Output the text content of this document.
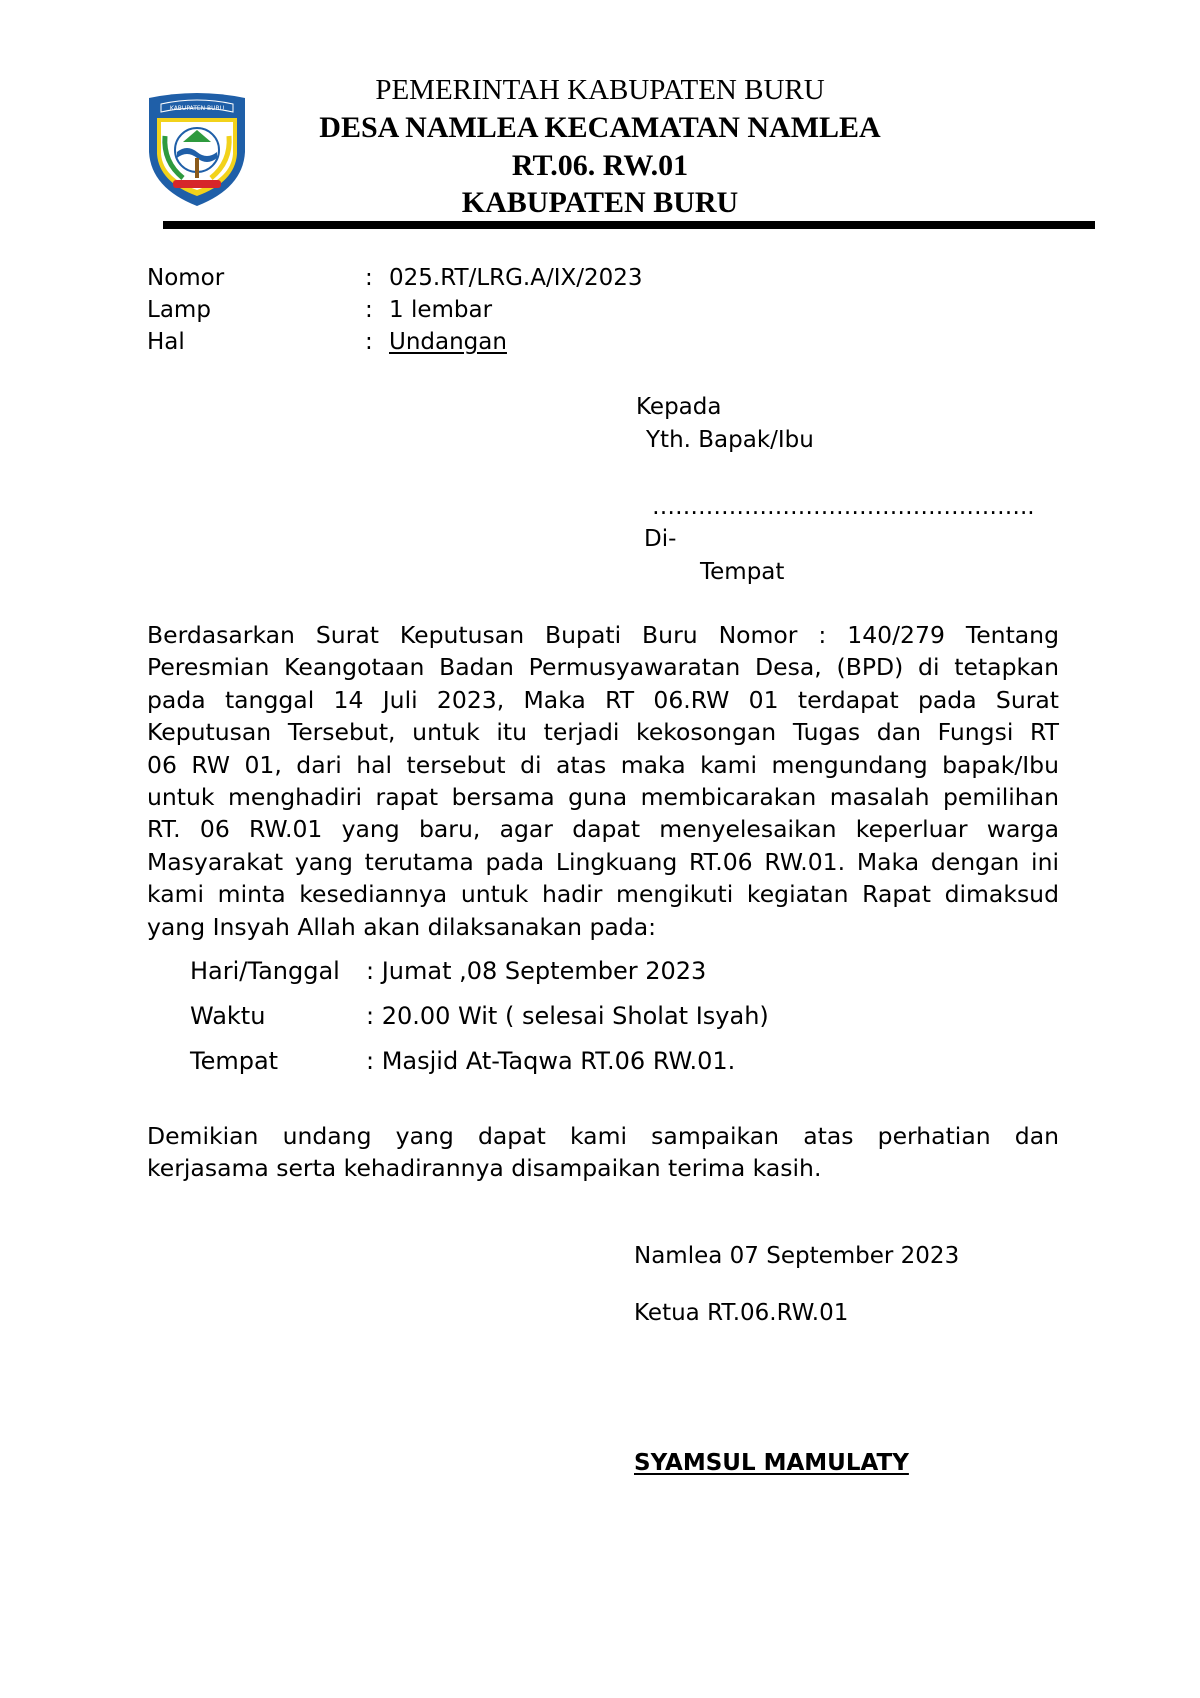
KABUPATEN BURU
PEMERINTAH KABUPATEN BURU
DESA NAMLEA KECAMATAN NAMLEA
RT.06. RW.01
KABUPATEN BURU
Nomor	: 025.RT/LRG.A/IX/2023
Lamp	: 1 lembar
Hal	: Undangan
Kepada
Yth. Bapak/Ibu
…………………………………………..
Di-
Tempat
Berdasarkan Surat Keputusan Bupati Buru Nomor : 140/279 Tentang
Peresmian Keangotaan Badan Permusyawaratan Desa, (BPD) di tetapkan
pada tanggal 14 Juli 2023, Maka RT 06.RW 01 terdapat pada Surat
Keputusan Tersebut, untuk itu terjadi kekosongan Tugas dan Fungsi RT
06 RW 01, dari hal tersebut di atas maka kami mengundang bapak/Ibu
untuk menghadiri rapat bersama guna membicarakan masalah pemilihan
RT. 06 RW.01 yang baru, agar dapat menyelesaikan keperluar warga
Masyarakat yang terutama pada Lingkuang RT.06 RW.01. Maka dengan ini
kami minta kesediannya untuk hadir mengikuti kegiatan Rapat dimaksud
yang Insyah Allah akan dilaksanakan pada:
Hari/Tanggal : Jumat ,08 September 2023
Waktu	: 20.00 Wit ( selesai Sholat Isyah)
Tempat	: Masjid At-Taqwa RT.06 RW.01.
Demikian undang yang dapat kami sampaikan atas perhatian dan
kerjasama serta kehadirannya disampaikan terima kasih.
Namlea 07 September 2023
Ketua RT.06.RW.01
SYAMSUL MAMULATY
